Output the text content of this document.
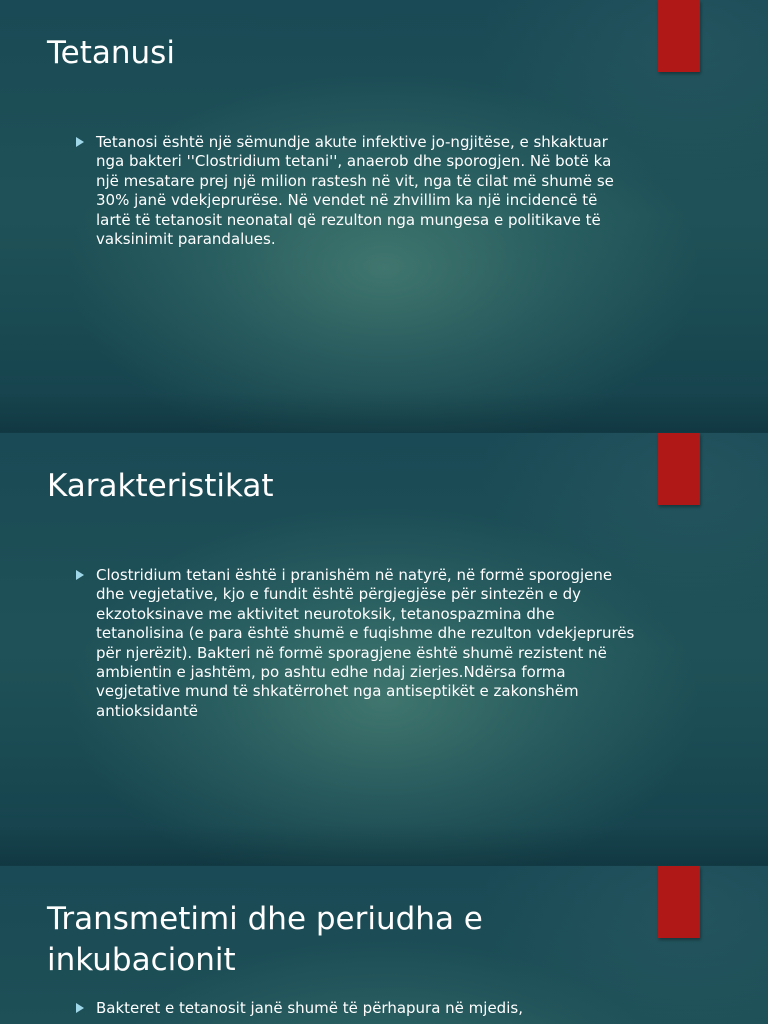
Tetanusi

Tetanosi është një sëmundje akute infektive jo-ngjitëse, e shkaktuar nga bakteri ''Clostridium tetani'', anaerob dhe sporogjen. Në botë ka një mesatare prej një milion rastesh në vit, nga të cilat më shumë se 30% janë vdekjeprurëse. Në vendet në zhvillim ka një incidencë të lartë të tetanosit neonatal që rezulton nga mungesa e politikave të vaksinimit parandalues.

Karakteristikat

Clostridium tetani është i pranishëm në natyrë, në formë sporogjene dhe vegjetative, kjo e fundit është përgjegjëse për sintezën e dy ekzotoksinave me aktivitet neurotoksik, tetanospazmina dhe tetanolisina (e para është shumë e fuqishme dhe rezulton vdekjeprurës për njerëzit). Bakteri në formë sporagjene është shumë rezistent në ambientin e jashtëm, po ashtu edhe ndaj zierjes.Ndërsa forma vegjetative mund të shkatërrohet nga antiseptikët e zakonshëm antioksidantë

Transmetimi dhe periudha e inkubacionit

Bakteret e tetanosit janë shumë të përhapura në mjedis,
